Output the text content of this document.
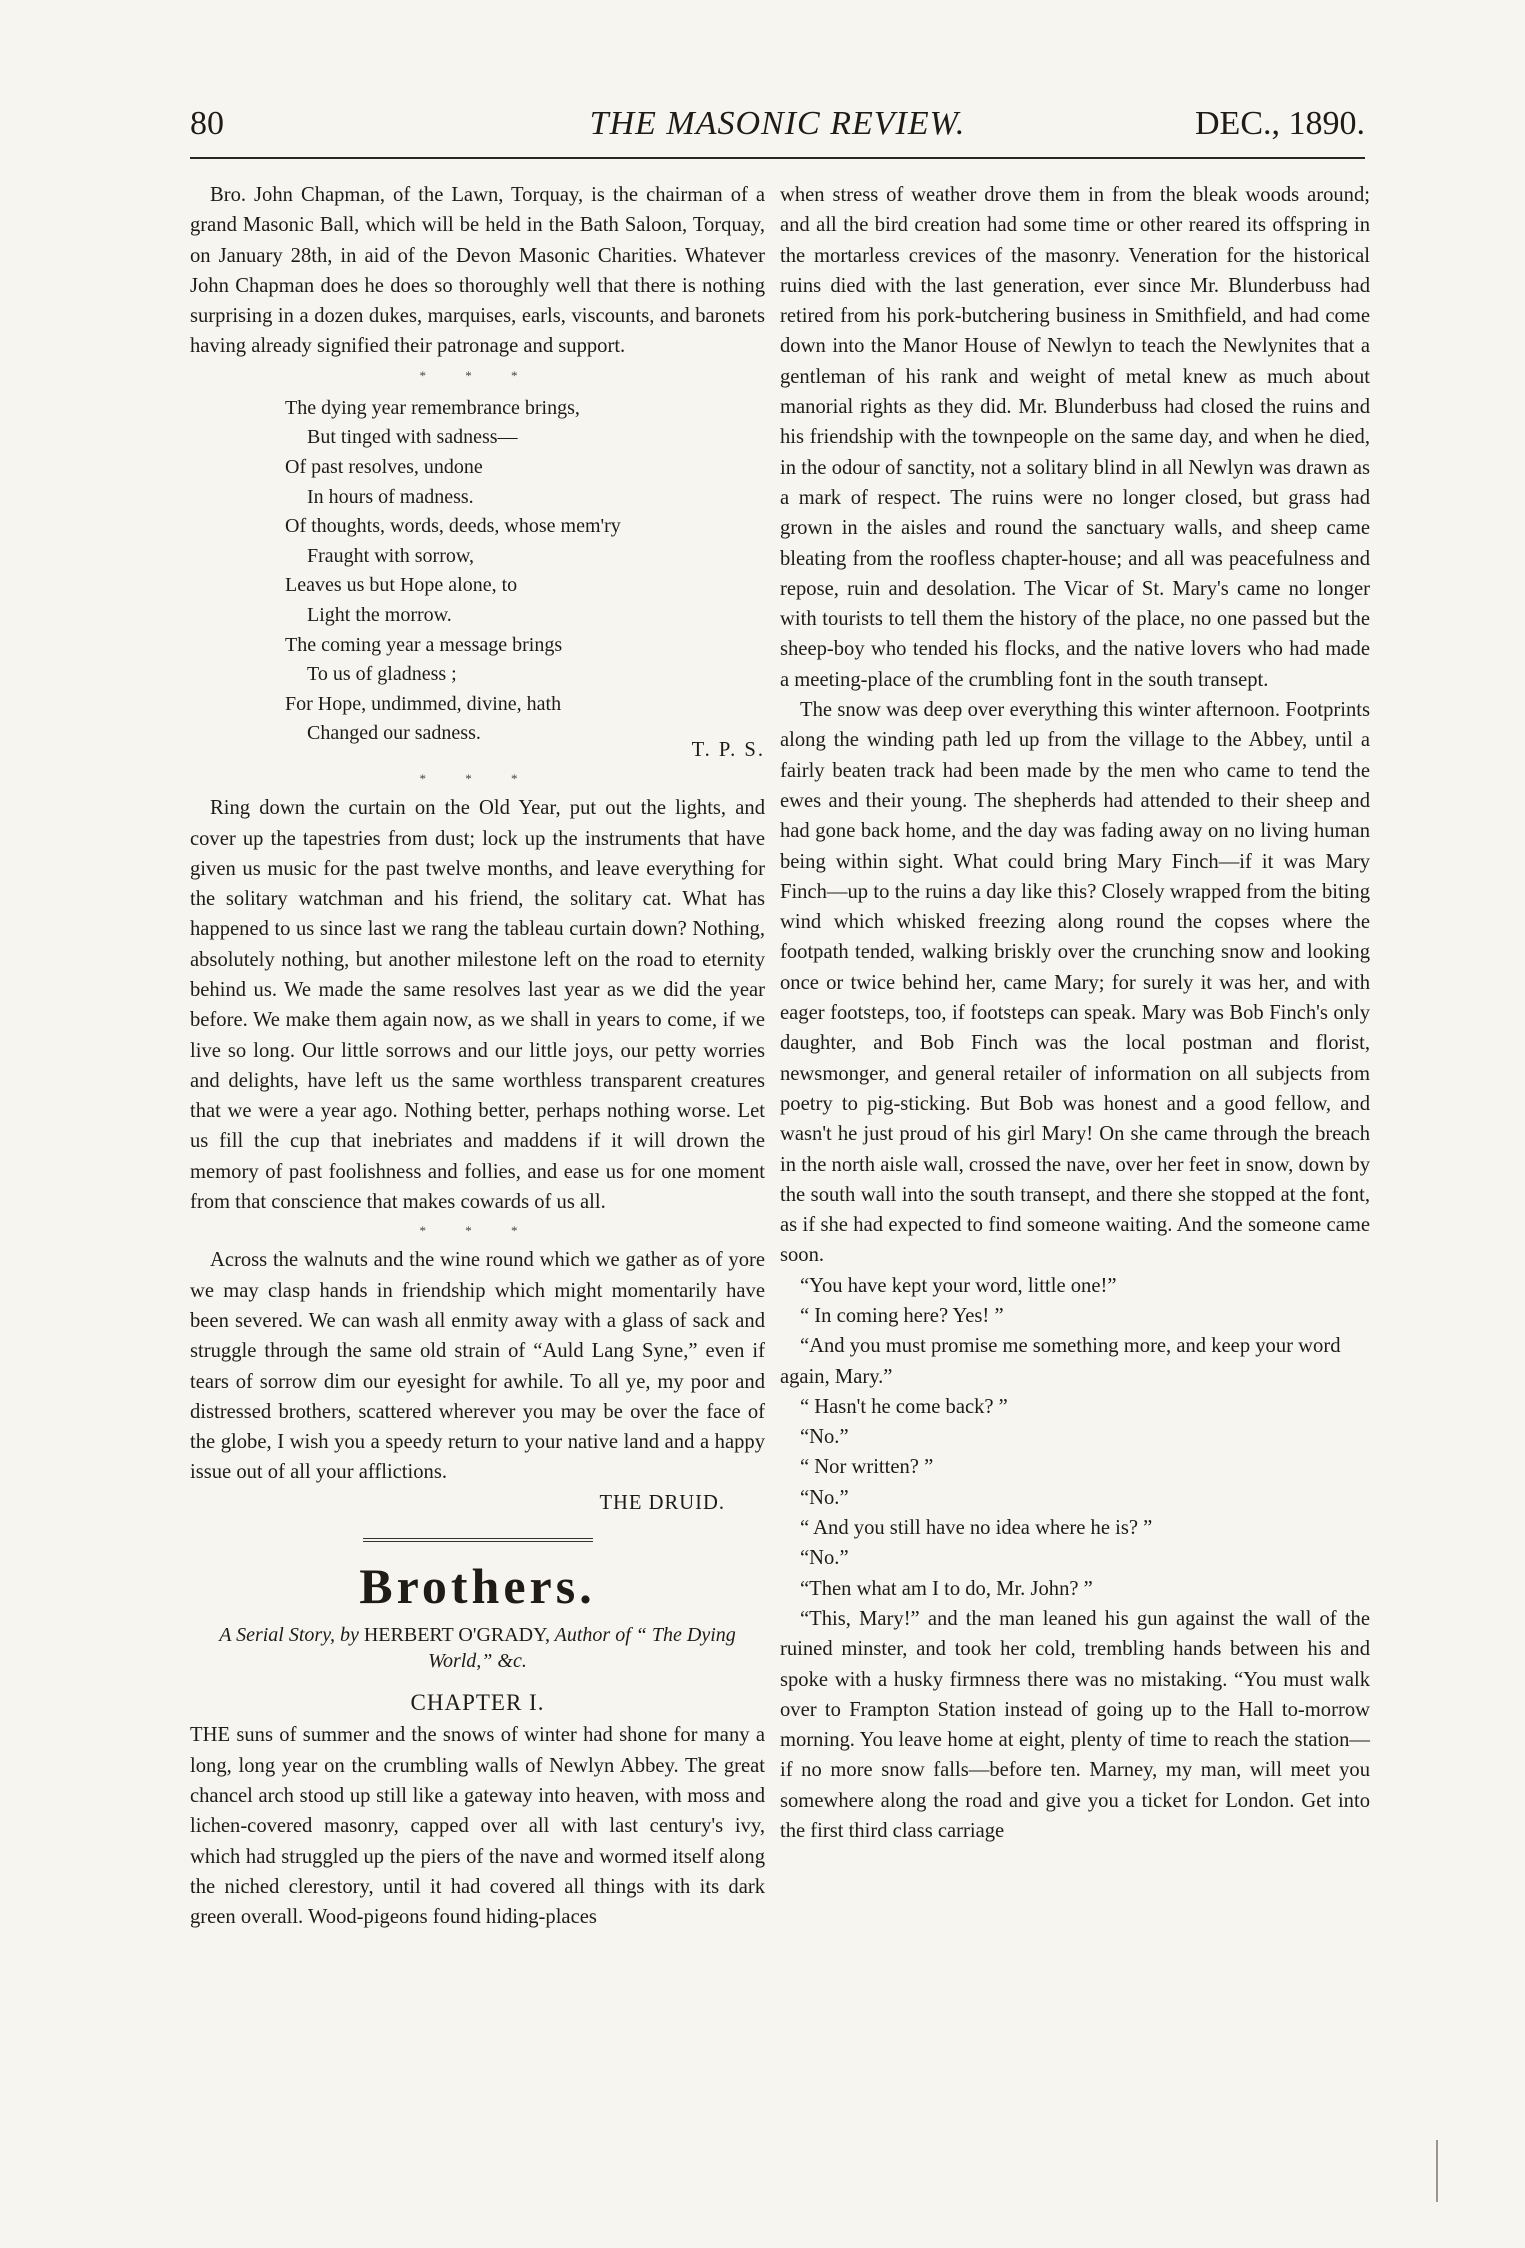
80	THE MASONIC REVIEW.	DEC., 1890.

Bro. John Chapman, of the Lawn, Torquay, is the chairman of a grand Masonic Ball, which will be held in the Bath Saloon, Torquay, on January 28th, in aid of the Devon Masonic Charities. Whatever John Chapman does he does so thoroughly well that there is nothing surprising in a dozen dukes, marquises, earls, viscounts, and baronets having already signified their patronage and support.

* * *
The dying year remembrance brings,
But tinged with sadness—
Of past resolves, undone
In hours of madness.
Of thoughts, words, deeds, whose mem'ry
Fraught with sorrow,
Leaves us but Hope alone, to
Light the morrow.
The coming year a message brings
To us of gladness ;
For Hope, undimmed, divine, hath
Changed our sadness.
T. P. S.
* * *

Ring down the curtain on the Old Year, put out the lights, and cover up the tapestries from dust; lock up the instruments that have given us music for the past twelve months, and leave everything for the solitary watchman and his friend, the solitary cat. What has happened to us since last we rang the tableau curtain down? Nothing, absolutely nothing, but another milestone left on the road to eternity behind us. We made the same resolves last year as we did the year before. We make them again now, as we shall in years to come, if we live so long. Our little sorrows and our little joys, our petty worries and delights, have left us the same worthless transparent creatures that we were a year ago. Nothing better, perhaps nothing worse. Let us fill the cup that inebriates and maddens if it will drown the memory of past foolishness and follies, and ease us for one moment from that conscience that makes cowards of us all.

* * *

Across the walnuts and the wine round which we gather as of yore we may clasp hands in friendship which might momentarily have been severed. We can wash all enmity away with a glass of sack and struggle through the same old strain of “Auld Lang Syne,” even if tears of sorrow dim our eyesight for awhile. To all ye, my poor and distressed brothers, scattered wherever you may be over the face of the globe, I wish you a speedy return to your native land and a happy issue out of all your afflictions.

THE DRUID.
Brothers.
A Serial Story, by HERBERT O'GRADY, Author of “ The Dying World,” &c.
CHAPTER I.

THE suns of summer and the snows of winter had shone for many a long, long year on the crumbling walls of Newlyn Abbey. The great chancel arch stood up still like a gateway into heaven, with moss and lichen-covered masonry, capped over all with last century's ivy, which had struggled up the piers of the nave and wormed itself along the niched clerestory, until it had covered all things with its dark green overall. Wood-pigeons found hiding-places

when stress of weather drove them in from the bleak woods around; and all the bird creation had some time or other reared its offspring in the mortarless crevices of the masonry. Veneration for the historical ruins died with the last generation, ever since Mr. Blunderbuss had retired from his pork-butchering business in Smithfield, and had come down into the Manor House of Newlyn to teach the Newlynites that a gentleman of his rank and weight of metal knew as much about manorial rights as they did. Mr. Blunderbuss had closed the ruins and his friendship with the townpeople on the same day, and when he died, in the odour of sanctity, not a solitary blind in all Newlyn was drawn as a mark of respect. The ruins were no longer closed, but grass had grown in the aisles and round the sanctuary walls, and sheep came bleating from the roofless chapter-house; and all was peacefulness and repose, ruin and desolation. The Vicar of St. Mary's came no longer with tourists to tell them the history of the place, no one passed but the sheep-boy who tended his flocks, and the native lovers who had made a meeting-place of the crumbling font in the south transept.

The snow was deep over everything this winter afternoon. Footprints along the winding path led up from the village to the Abbey, until a fairly beaten track had been made by the men who came to tend the ewes and their young. The shepherds had attended to their sheep and had gone back home, and the day was fading away on no living human being within sight. What could bring Mary Finch—if it was Mary Finch—up to the ruins a day like this? Closely wrapped from the biting wind which whisked freezing along round the copses where the footpath tended, walking briskly over the crunching snow and looking once or twice behind her, came Mary; for surely it was her, and with eager footsteps, too, if footsteps can speak. Mary was Bob Finch's only daughter, and Bob Finch was the local postman and florist, newsmonger, and general retailer of information on all subjects from poetry to pig-sticking. But Bob was honest and a good fellow, and wasn't he just proud of his girl Mary! On she came through the breach in the north aisle wall, crossed the nave, over her feet in snow, down by the south wall into the south transept, and there she stopped at the font, as if she had expected to find someone waiting. And the someone came soon.

“You have kept your word, little one!”

“ In coming here? Yes! ”

“And you must promise me something more, and keep your word again, Mary.”

“ Hasn't he come back? ”

“No.”

“ Nor written? ”

“No.”

“ And you still have no idea where he is? ”

“No.”

“Then what am I to do, Mr. John? ”

“This, Mary!” and the man leaned his gun against the wall of the ruined minster, and took her cold, trembling hands between his and spoke with a husky firmness there was no mistaking. “You must walk over to Frampton Station instead of going up to the Hall to-morrow morning. You leave home at eight, plenty of time to reach the station—if no more snow falls—before ten. Marney, my man, will meet you somewhere along the road and give you a ticket for London. Get into the first third class carriage
